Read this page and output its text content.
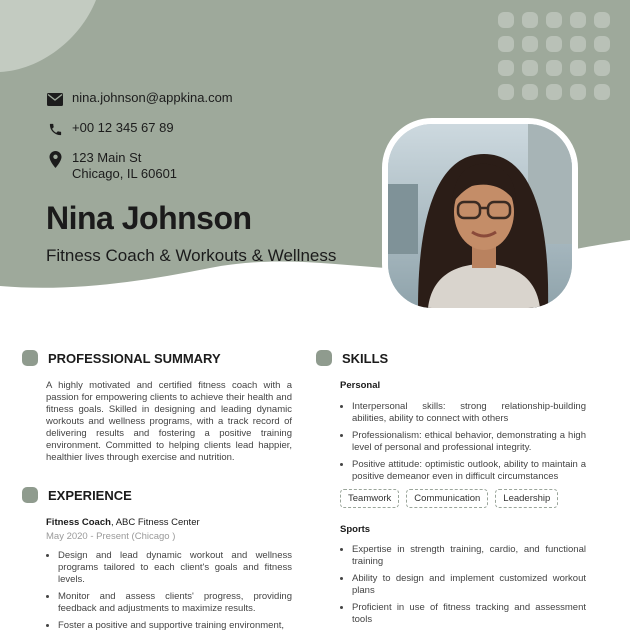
nina.johnson@appkina.com
+00 12 345 67 89
123 Main St
Chicago, IL 60601
Nina Johnson
Fitness Coach & Workouts & Wellness
PROFESSIONAL SUMMARY
A highly motivated and certified fitness coach with a passion for empowering clients to achieve their health and fitness goals. Skilled in designing and leading dynamic workouts and wellness programs, with a track record of delivering results and fostering a positive training environment. Committed to helping clients lead happier, healthier lives through exercise and nutrition.
EXPERIENCE
Fitness Coach, ABC Fitness Center
May 2020 - Present (Chicago )
• Design and lead dynamic workout and wellness programs tailored to each client's goals and fitness levels.
• Monitor and assess clients' progress, providing feedback and adjustments to maximize results.
• Foster a positive and supportive training environment,
SKILLS
Personal
• Interpersonal skills: strong relationship-building abilities, ability to connect with others
• Professionalism: ethical behavior, demonstrating a high level of personal and professional integrity.
• Positive attitude: optimistic outlook, ability to maintain a positive demeanor even in difficult circumstances
Teamwork	Communication	Leadership
Sports
• Expertise in strength training, cardio, and functional training
• Ability to design and implement customized workout plans
• Proficient in use of fitness tracking and assessment tools
